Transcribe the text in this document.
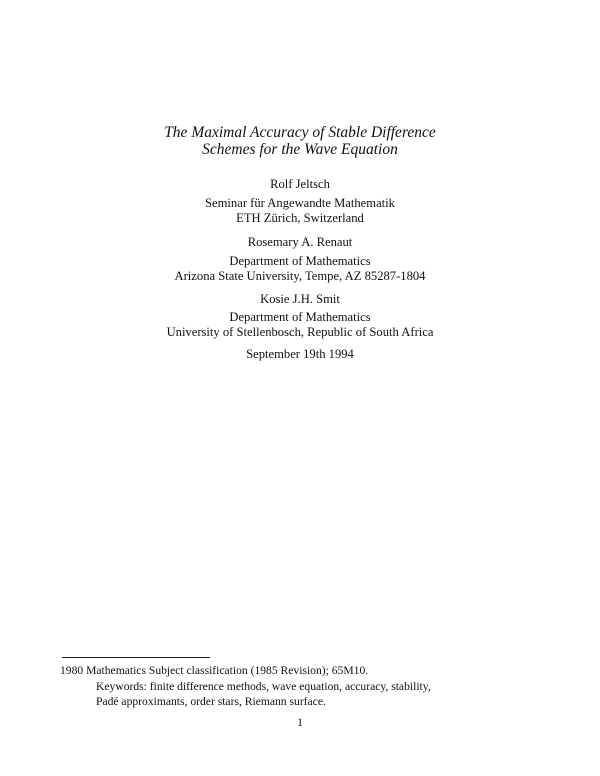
The Maximal Accuracy of Stable Difference
Schemes for the Wave Equation
Rolf Jeltsch
Seminar für Angewandte Mathematik
ETH Zürich, Switzerland
Rosemary A. Renaut
Department of Mathematics
Arizona State University, Tempe, AZ 85287-1804
Kosie J.H. Smit
Department of Mathematics
University of Stellenbosch, Republic of South Africa
September 19th 1994
1980 Mathematics Subject classification (1985 Revision); 65M10.
Keywords: finite difference methods, wave equation, accuracy, stability,
Padé approximants, order stars, Riemann surface.
1
